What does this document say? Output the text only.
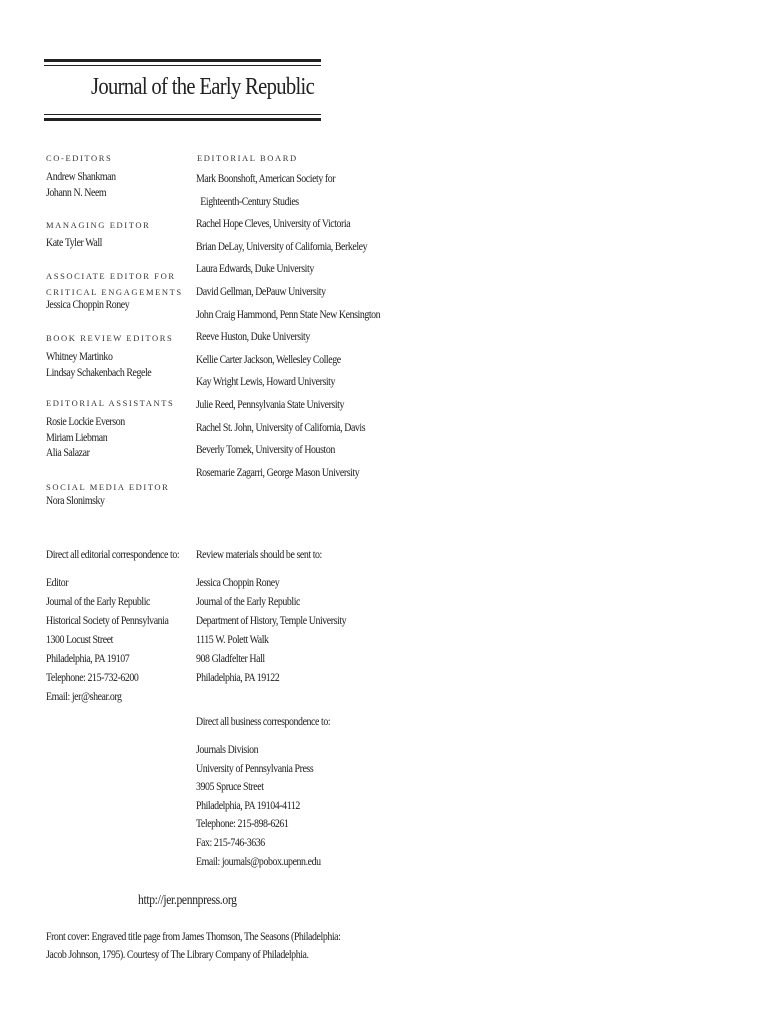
Journal of the Early Republic
CO-EDITORS
Andrew Shankman
Johann N. Neem
MANAGING EDITOR
Kate Tyler Wall
ASSOCIATE EDITOR FOR
CRITICAL ENGAGEMENTS
Jessica Choppin Roney
BOOK REVIEW EDITORS
Whitney Martinko
Lindsay Schakenbach Regele
EDITORIAL ASSISTANTS
Rosie Lockie Everson
Miriam Liebman
Alia Salazar
SOCIAL MEDIA EDITOR
Nora Slonimsky
EDITORIAL BOARD
Mark Boonshoft, American Society for
Eighteenth-Century Studies
Rachel Hope Cleves, University of Victoria
Brian DeLay, University of California, Berkeley
Laura Edwards, Duke University
David Gellman, DePauw University
John Craig Hammond, Penn State New Kensington
Reeve Huston, Duke University
Kellie Carter Jackson, Wellesley College
Kay Wright Lewis, Howard University
Julie Reed, Pennsylvania State University
Rachel St. John, University of California, Davis
Beverly Tomek, University of Houston
Rosemarie Zagarri, George Mason University
Direct all editorial correspondence to:
Editor
Journal of the Early Republic
Historical Society of Pennsylvania
1300 Locust Street
Philadelphia, PA 19107
Telephone: 215-732-6200
Email: jer@shear.org
Review materials should be sent to:
Jessica Choppin Roney
Journal of the Early Republic
Department of History, Temple University
1115 W. Polett Walk
908 Gladfelter Hall
Philadelphia, PA 19122
Direct all business correspondence to:
Journals Division
University of Pennsylvania Press
3905 Spruce Street
Philadelphia, PA 19104-4112
Telephone: 215-898-6261
Fax: 215-746-3636
Email: journals@pobox.upenn.edu
http://jer.pennpress.org
Front cover: Engraved title page from James Thomson, The Seasons (Philadelphia:
Jacob Johnson, 1795). Courtesy of The Library Company of Philadelphia.
